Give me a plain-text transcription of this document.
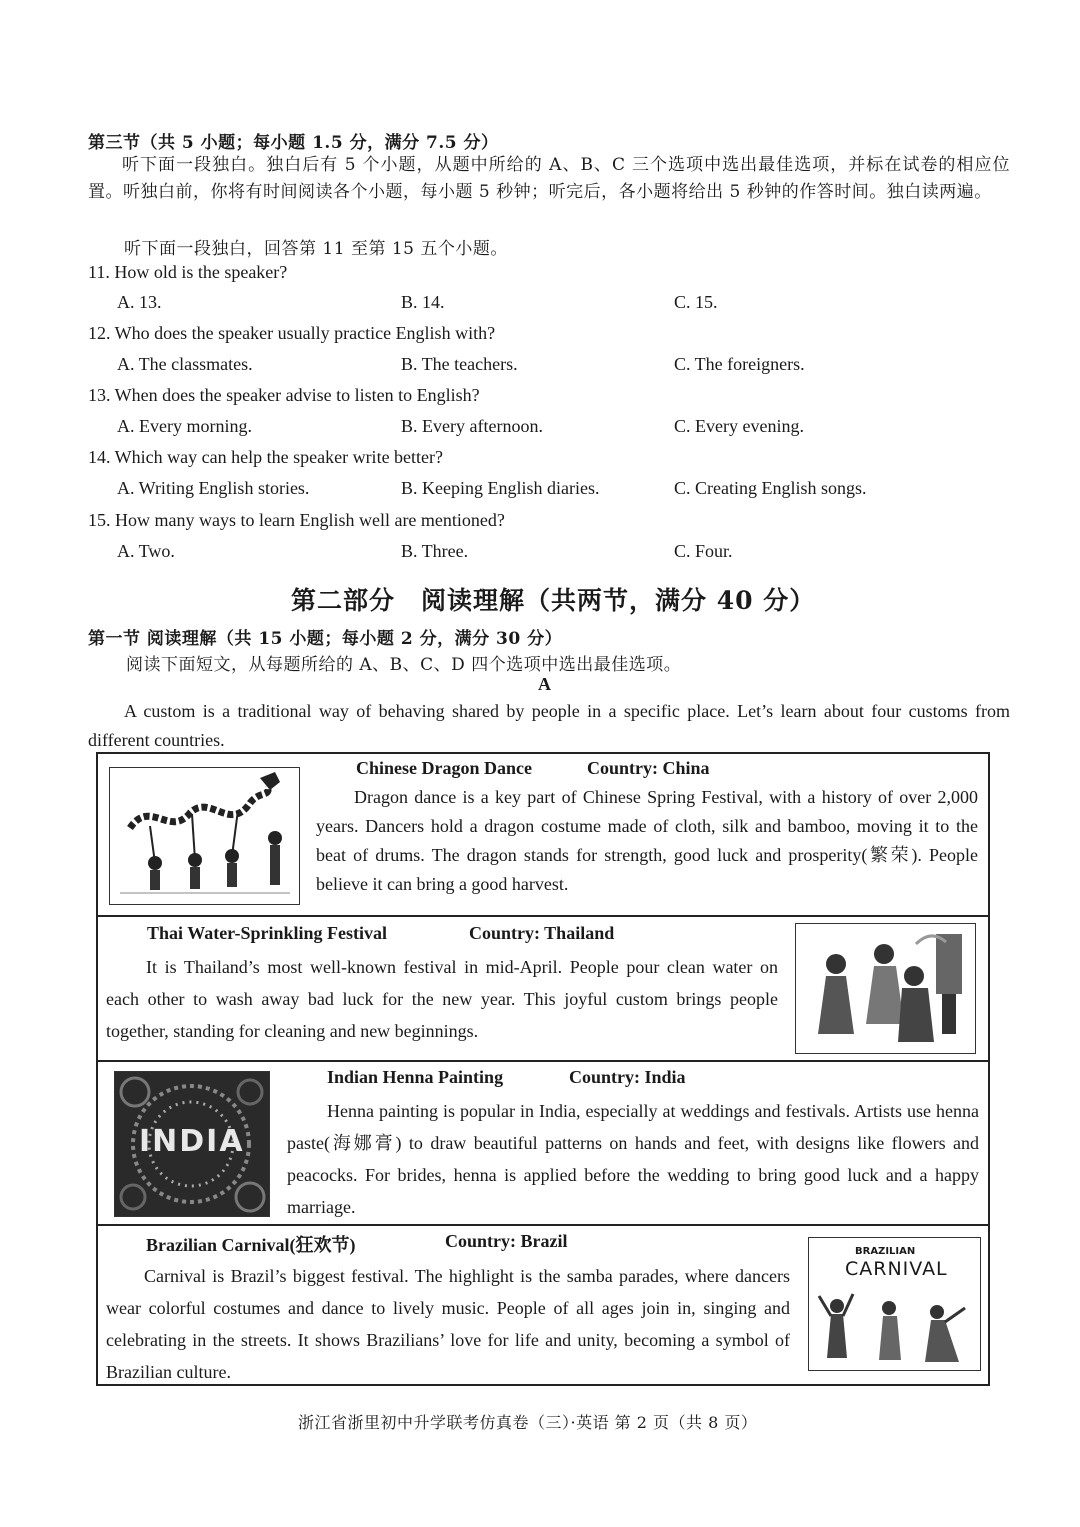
第三节（共 5 小题；每小题 1.5 分，满分 7.5 分）
听下面一段独白。独白后有 5 个小题，从题中所给的 A、B、C 三个选项中选出最佳选项，并标在试卷的相应位置。听独白前，你将有时间阅读各个小题，每小题 5 秒钟；听完后，各小题将给出 5 秒钟的作答时间。独白读两遍。
听下面一段独白，回答第 11 至第 15 五个小题。
11. How old is the speaker?
A. 13.	B. 14.	C. 15.
12. Who does the speaker usually practice English with?
A. The classmates.	B. The teachers.	C. The foreigners.
13. When does the speaker advise to listen to English?
A. Every morning.	B. Every afternoon.	C. Every evening.
14. Which way can help the speaker write better?
A. Writing English stories.	B. Keeping English diaries.	C. Creating English songs.
15. How many ways to learn English well are mentioned?
A. Two.	B. Three.	C. Four.
第二部分　阅读理解（共两节，满分 40 分）
第一节 阅读理解（共 15 小题；每小题 2 分，满分 30 分）
阅读下面短文，从每题所给的 A、B、C、D 四个选项中选出最佳选项。
A
A custom is a traditional way of behaving shared by people in a specific place. Let’s learn about four customs from different countries.
Chinese Dragon Dance	Country: China
Dragon dance is a key part of Chinese Spring Festival, with a history of over 2,000 years. Dancers hold a dragon costume made of cloth, silk and bamboo, moving it to the beat of drums. The dragon stands for strength, good luck and prosperity(繁荣). People believe it can bring a good harvest.
Thai Water-Sprinkling Festival	Country: Thailand
It is Thailand’s most well-known festival in mid-April. People pour clean water on each other to wash away bad luck for the new year. This joyful custom brings people together, standing for cleaning and new beginnings.
INDIA
Indian Henna Painting	Country: India
Henna painting is popular in India, especially at weddings and festivals. Artists use henna paste(海娜膏) to draw beautiful patterns on hands and feet, with designs like flowers and peacocks. For brides, henna is applied before the wedding to bring good luck and a happy marriage.
Brazilian Carnival(狂欢节)	Country: Brazil
Carnival is Brazil’s biggest festival. The highlight is the samba parades, where dancers wear colorful costumes and dance to lively music. People of all ages join in, singing and celebrating in the streets. It shows Brazilians’ love for life and unity, becoming a symbol of Brazilian culture.
BRAZILIAN
CARNIVAL
浙江省浙里初中升学联考仿真卷（三）·英语 第 2 页（共 8 页）
